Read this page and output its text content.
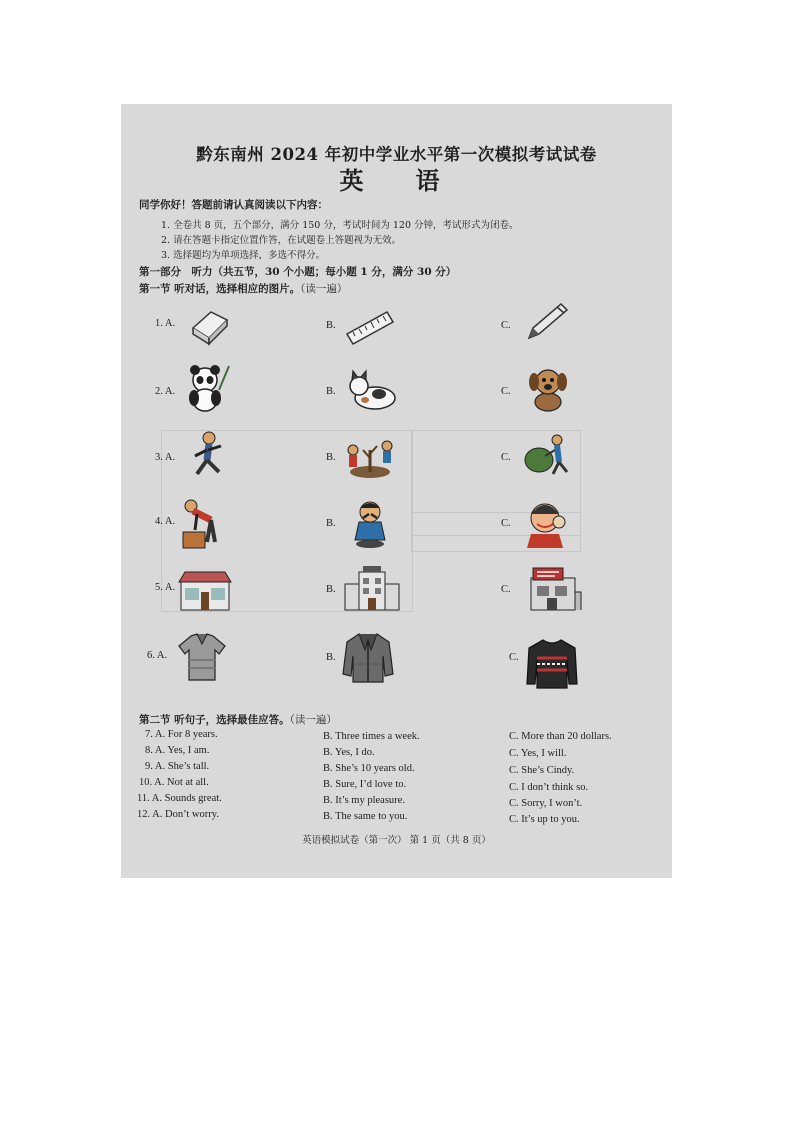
黔东南州 2024 年初中学业水平第一次模拟考试试卷
英　语
同学你好！答题前请认真阅读以下内容：
1. 全卷共 8 页，五个部分，满分 150 分，考试时间为 120 分钟，考试形式为闭卷。
2. 请在答题卡指定位置作答，在试题卷上答题视为无效。
3. 选择题均为单项选择，多选不得分。
第一部分　听力（共五节，30 个小题；每小题 1 分，满分 30 分）
第一节 听对话，选择相应的图片。（读一遍）
1. A.	B.	C.
2. A.	B.	C.
3. A.	B.	C.
4. A.	B.	C.
5. A.	B.	C.
6. A.	B.	C.
第二节 听句子，选择最佳应答。（读一遍）
7. A. For 8 years.	B. Three times a week.	C. More than 20 dollars.
8. A. Yes, I am.	B. Yes, I do.	C. Yes, I will.
9. A. She’s tall.	B. She’s 10 years old.	C. She’s Cindy.
10. A. Not at all.	B. Sure, I’d love to.	C. I don’t think so.
11. A. Sounds great.	B. It’s my pleasure.	C. Sorry, I won’t.
12. A. Don’t worry.	B. The same to you.	C. It’s up to you.
英语模拟试卷（第一次） 第 1 页（共 8 页）
